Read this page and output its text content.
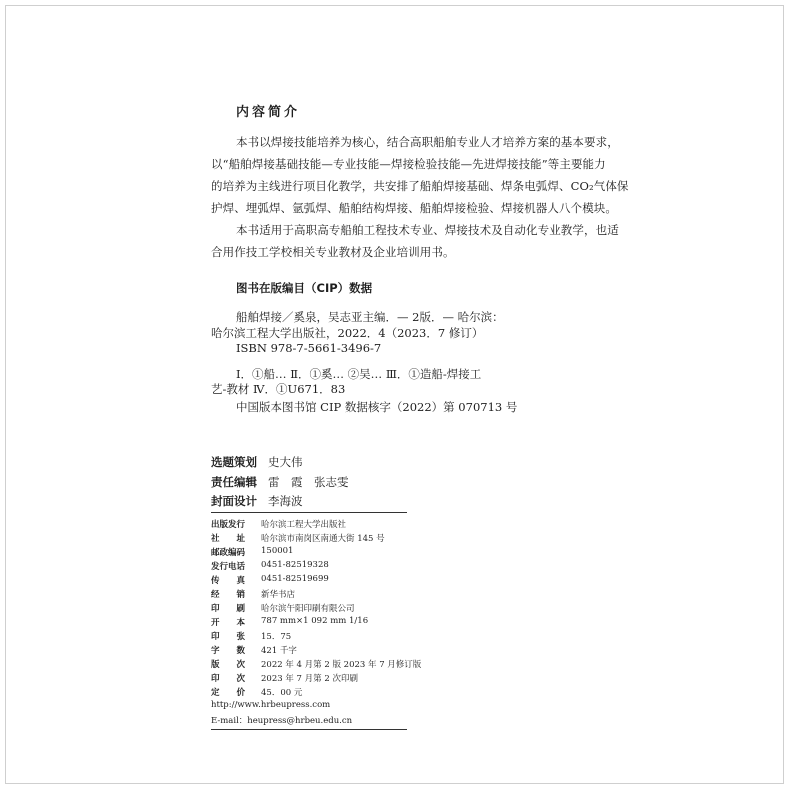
内容简介
本书以焊接技能培养为核心，结合高职船舶专业人才培养方案的基本要求，
以“船舶焊接基础技能—专业技能—焊接检验技能—先进焊接技能”等主要能力
的培养为主线进行项目化教学，共安排了船舶焊接基础、焊条电弧焊、CO₂气体保
护焊、埋弧焊、氩弧焊、船舶结构焊接、船舶焊接检验、焊接机器人八个模块。
本书适用于高职高专船舶工程技术专业、焊接技术及自动化专业教学，也适
合用作技工学校相关专业教材及企业培训用书。
图书在版编目（CIP）数据
船舶焊接／奚泉，吴志亚主编．— 2版．— 哈尔滨：
哈尔滨工程大学出版社，2022．4（2023．7 修订）
ISBN 978-7-5661-3496-7
Ⅰ．①船… Ⅱ．①奚… ②吴… Ⅲ．①造船-焊接工
艺-教材 Ⅳ．①U671．83
中国版本图书馆 CIP 数据核字（2022）第 070713 号
选题策划 史大伟
责任编辑 雷　霞　张志雯
封面设计 李海波
出版发行 哈尔滨工程大学出版社
社　　址 哈尔滨市南岗区南通大街 145 号
邮政编码 150001
发行电话 0451-82519328
传　　真 0451-82519699
经　　销 新华书店
印　　刷 哈尔滨午阳印刷有限公司
开　　本 787 mm×1 092 mm 1/16
印　　张 15．75
字　　数 421 千字
版　　次 2022 年 4 月第 2 版 2023 年 7 月修订版
印　　次 2023 年 7 月第 2 次印刷
定　　价 45．00 元
http://www.hrbeupress.com
E-mail：heupress@hrbeu.edu.cn
